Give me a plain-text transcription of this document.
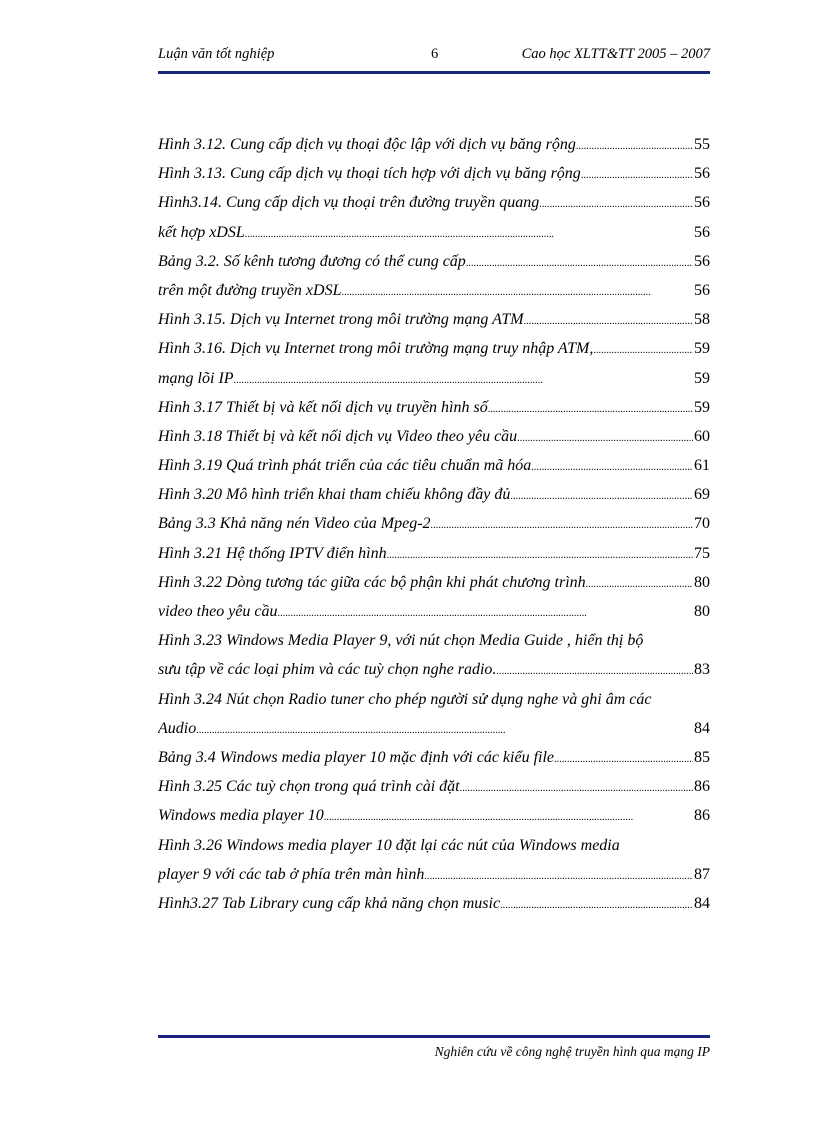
Luận văn tốt nghiệp	6	Cao học XLTT&TT 2005 – 2007
Hình 3.12. Cung cấp dịch vụ thoại độc lập với dịch vụ băng rộng . . .	55
Hình 3.13. Cung cấp dịch vụ thoại tích hợp với dịch vụ băng rộng . . .	56
Hình3.14. Cung cấp dịch vụ thoại trên đường truyền quang . . .	56
kết hợp xDSL . . .	56
Bảng 3.2. Số kênh tương đương có thể cung cấp . . .	56
trên một đường truyền xDSL . . .	56
Hình 3.15. Dịch vụ Internet trong môi trường mạng ATM . . .	58
Hình 3.16. Dịch vụ Internet trong môi trường mạng truy nhập ATM, . . .	59
mạng lõi IP . . .	59
Hình 3.17 Thiết bị và kết nối dịch vụ truyền hình số . . .	59
Hình 3.18 Thiết bị và kết nối dịch vụ Video theo yêu cầu . . .	60
Hình 3.19 Quá trình phát triển của các tiêu chuẩn mã hóa . . .	61
Hình 3.20 Mô hình triển khai tham chiếu không đầy đủ . . .	69
Bảng 3.3 Khả năng nén Video của Mpeg-2 . . .	70
Hình 3.21 Hệ thống IPTV điển hình . . .	75
Hình 3.22 Dòng tương tác giữa các bộ phận khi phát chương trình . . .	80
video theo yêu cầu . . .	80
Hình 3.23 Windows Media Player 9, với nút chọn Media Guide , hiển thị bộ
sưu tập về các loại phim và các tuỳ chọn nghe radio. . . .	83
Hình 3.24 Nút chọn Radio tuner cho phép người sử dụng nghe và ghi âm các
Audio . . .	84
Bảng 3.4 Windows media player 10 mặc định với các kiểu file . . .	85
Hình 3.25 Các tuỳ chọn trong quá trình cài đặt . . .	86
Windows media player 10 . . .	86
Hình 3.26 Windows media player 10 đặt lại các nút của Windows media
player 9 với các tab ở phía trên màn hình . . .	87
Hình3.27 Tab Library cung cấp khả năng chọn music . . .	84
Nghiên cứu về công nghệ truyền hình qua mạng IP
